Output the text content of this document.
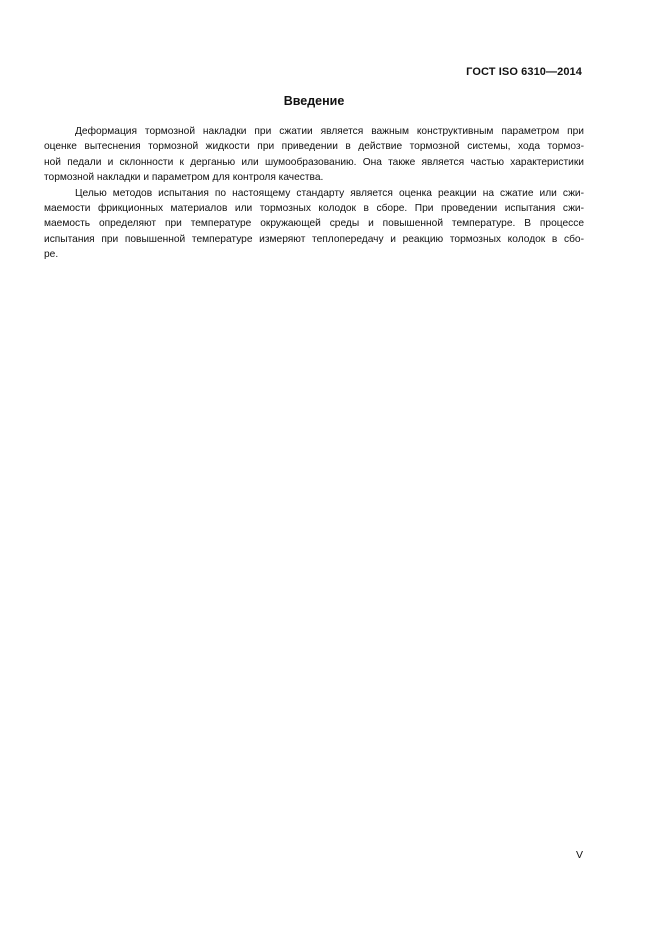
ГОСТ ISO 6310—2014
Введение
Деформация тормозной накладки при сжатии является важным конструктивным параметром при
оценке вытеснения тормозной жидкости при приведении в действие тормозной системы, хода тормоз-
ной педали и склонности к дерганью или шумообразованию. Она также является частью характеристики
тормозной накладки и параметром для контроля качества.
Целью методов испытания по настоящему стандарту является оценка реакции на сжатие или сжи-
маемости фрикционных материалов или тормозных колодок в сборе. При проведении испытания сжи-
маемость определяют при температуре окружающей среды и повышенной температуре. В процессе
испытания при повышенной температуре измеряют теплопередачу и реакцию тормозных колодок в сбо-
ре.
V
